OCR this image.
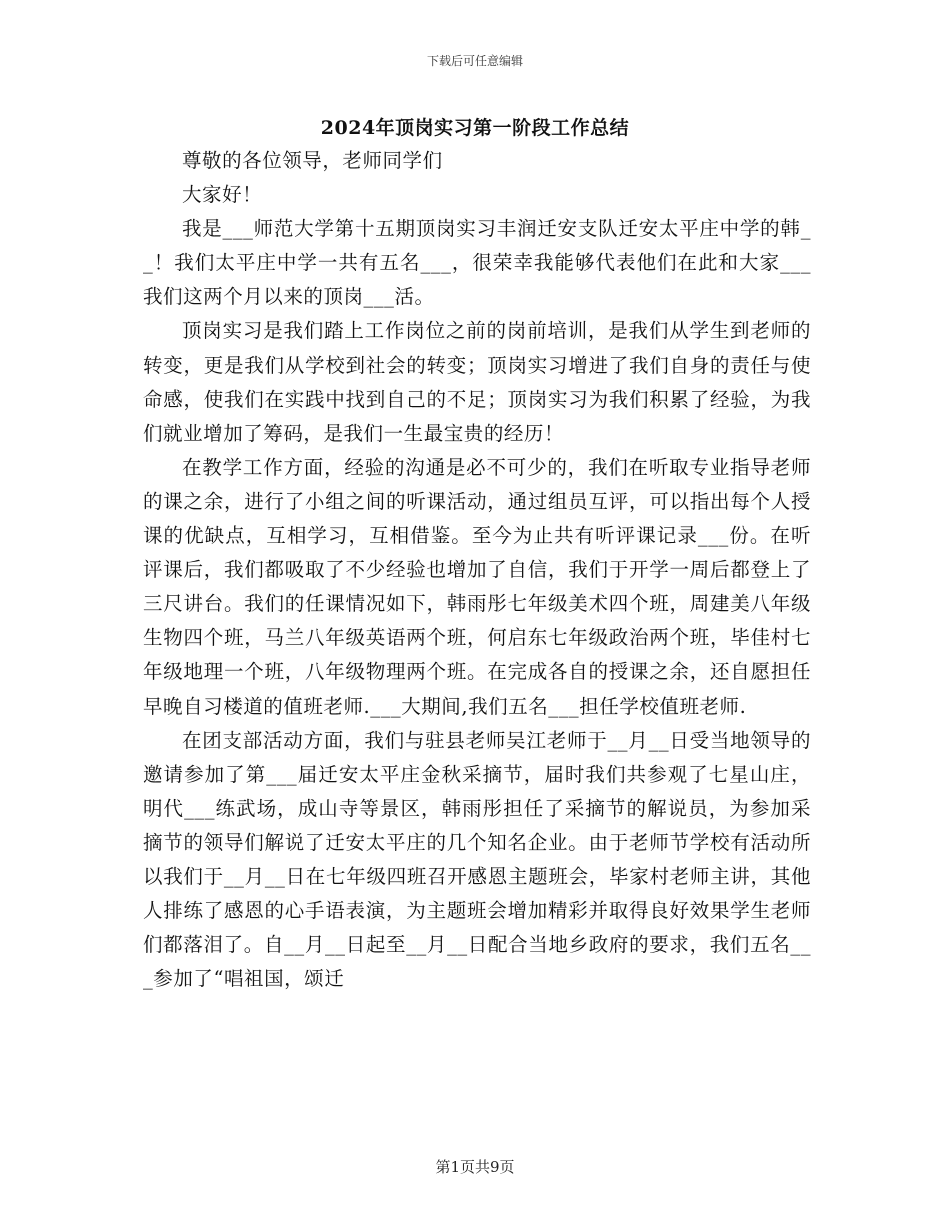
下载后可任意编辑
2024年顶岗实习第一阶段工作总结

尊敬的各位领导，老师同学们

大家好！

我是___师范大学第十五期顶岗实习丰润迁安支队迁安太平庄中学的韩__！我们太平庄中学一共有五名___，很荣幸我能够代表他们在此和大家___我们这两个月以来的顶岗___活。

顶岗实习是我们踏上工作岗位之前的岗前培训，是我们从学生到老师的转变，更是我们从学校到社会的转变；顶岗实习增进了我们自身的责任与使命感，使我们在实践中找到自己的不足；顶岗实习为我们积累了经验，为我们就业增加了筹码，是我们一生最宝贵的经历！

在教学工作方面，经验的沟通是必不可少的，我们在听取专业指导老师的课之余，进行了小组之间的听课活动，通过组员互评，可以指出每个人授课的优缺点，互相学习，互相借鉴。至今为止共有听评课记录___份。在听评课后，我们都吸取了不少经验也增加了自信，我们于开学一周后都登上了三尺讲台。我们的任课情况如下，韩雨彤七年级美术四个班，周建美八年级生物四个班，马兰八年级英语两个班，何启东七年级政治两个班，毕佳村七年级地理一个班，八年级物理两个班。在完成各自的授课之余，还自愿担任早晚自习楼道的值班老师.___大期间,我们五名___担任学校值班老师.

在团支部活动方面，我们与驻县老师吴江老师于__月__日受当地领导的邀请参加了第___届迁安太平庄金秋采摘节，届时我们共参观了七星山庄，明代___练武场，成山寺等景区，韩雨彤担任了采摘节的解说员，为参加采摘节的领导们解说了迁安太平庄的几个知名企业。由于老师节学校有活动所以我们于__月__日在七年级四班召开感恩主题班会，毕家村老师主讲，其他人排练了感恩的心手语表演，为主题班会增加精彩并取得良好效果学生老师们都落泪了。自__月__日起至__月__日配合当地乡政府的要求，我们五名___参加了“唱祖国，颂迁

第1页共9页
